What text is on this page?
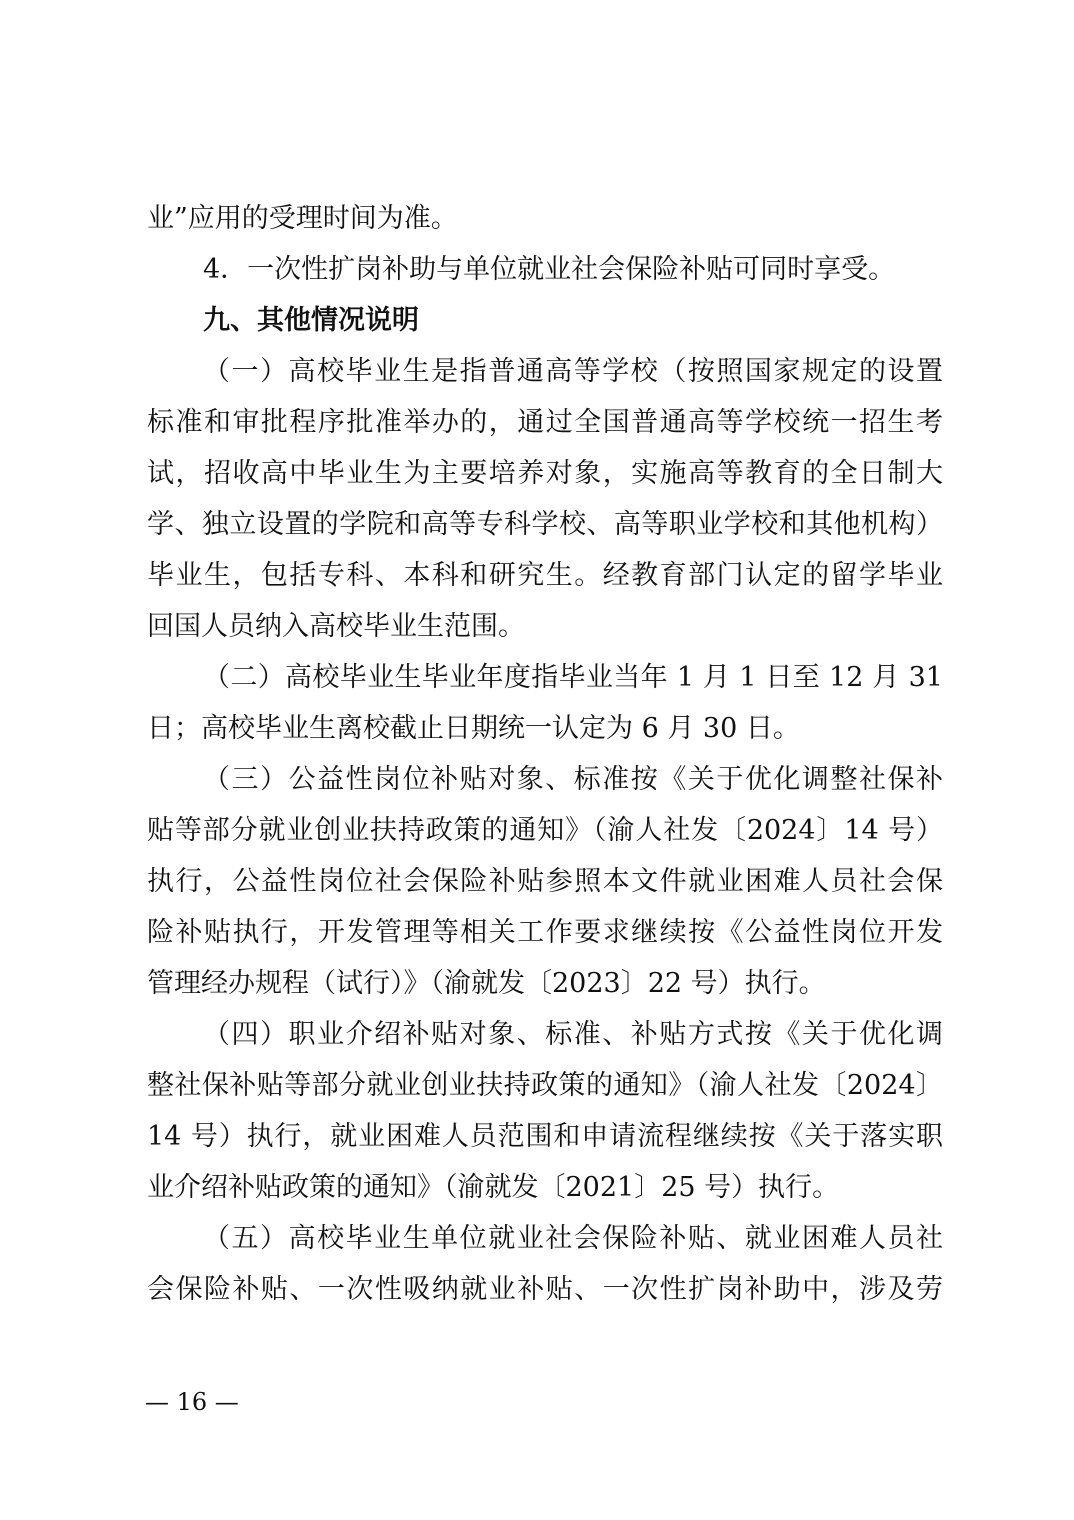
业”应用的受理时间为准。
4．一次性扩岗补助与单位就业社会保险补贴可同时享受。
九、其他情况说明
（一）高校毕业生是指普通高等学校（按照国家规定的设置
标准和审批程序批准举办的，通过全国普通高等学校统一招生考
试，招收高中毕业生为主要培养对象，实施高等教育的全日制大
学、独立设置的学院和高等专科学校、高等职业学校和其他机构）
毕业生，包括专科、本科和研究生。经教育部门认定的留学毕业
回国人员纳入高校毕业生范围。
（二）高校毕业生毕业年度指毕业当年 1 月 1 日至 12 月 31
日；高校毕业生离校截止日期统一认定为 6 月 30 日。
（三）公益性岗位补贴对象、标准按《关于优化调整社保补
贴等部分就业创业扶持政策的通知》（渝人社发〔2024〕14 号）
执行，公益性岗位社会保险补贴参照本文件就业困难人员社会保
险补贴执行，开发管理等相关工作要求继续按《公益性岗位开发
管理经办规程（试行）》（渝就发〔2023〕22 号）执行。
（四）职业介绍补贴对象、标准、补贴方式按《关于优化调
整社保补贴等部分就业创业扶持政策的通知》（渝人社发〔2024〕
14 号）执行，就业困难人员范围和申请流程继续按《关于落实职
业介绍补贴政策的通知》（渝就发〔2021〕25 号）执行。
（五）高校毕业生单位就业社会保险补贴、就业困难人员社
会保险补贴、一次性吸纳就业补贴、一次性扩岗补助中，涉及劳
— 16 —
